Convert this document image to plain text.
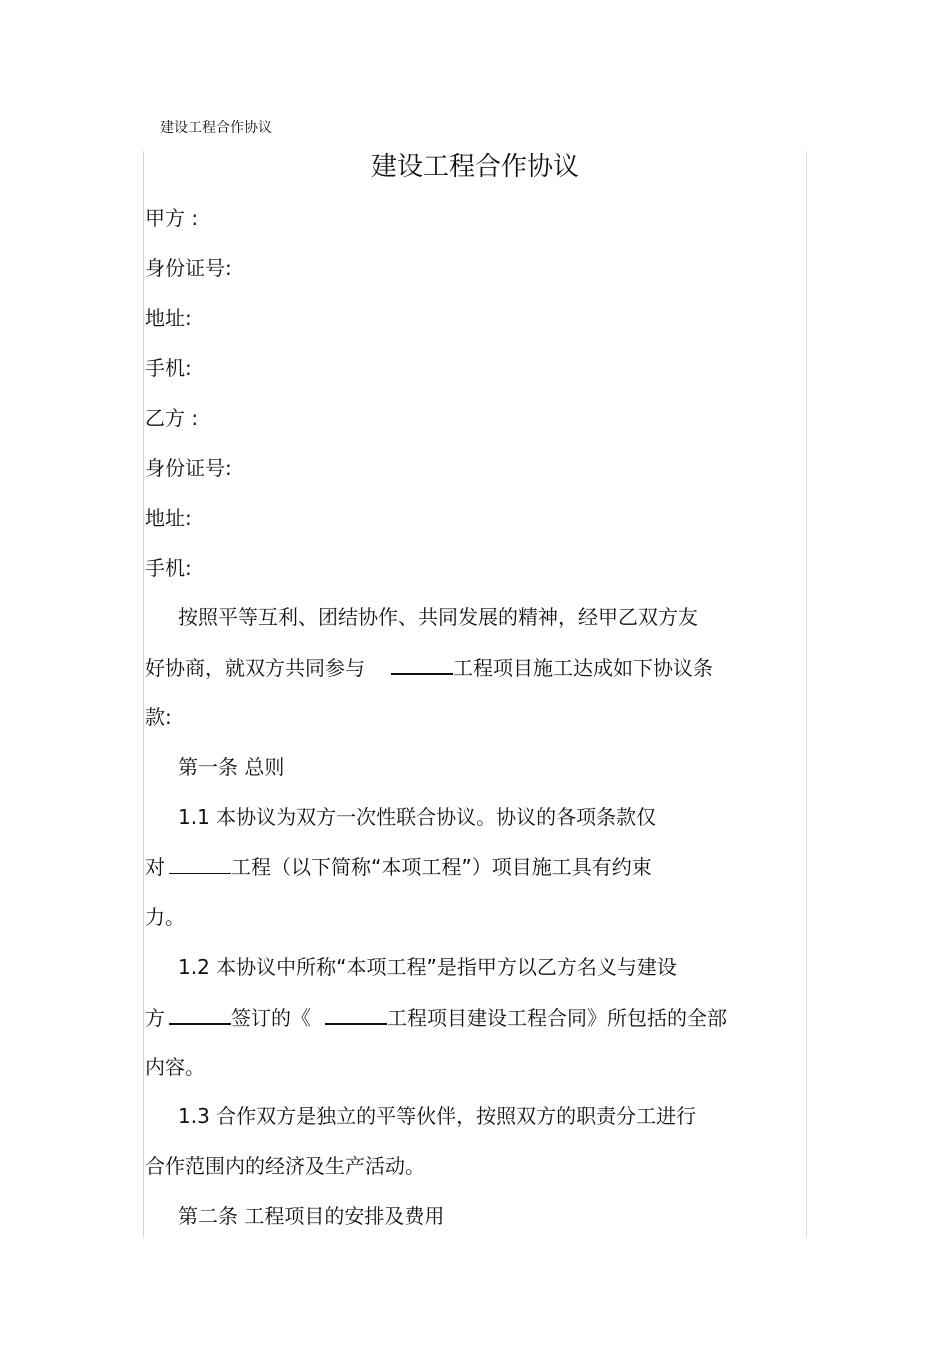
建设工程合作协议
建设工程合作协议
甲方 :
身份证号:
地址:
手机:
乙方 :
身份证号:
地址:
手机:
按照平等互利、团结协作、共同发展的精神，经甲乙双方友
好协商，就双方共同参与	工程项目施工达成如下协议条
款:
第一条 总则
1.1 本协议为双方一次性联合协议。协议的各项条款仅
对	工程（以下简称“本项工程”）项目施工具有约束
力。
1.2 本协议中所称“本项工程”是指甲方以乙方名义与建设
方	签订的《	工程项目建设工程合同》所包括的全部
内容。
1.3 合作双方是独立的平等伙伴，按照双方的职责分工进行
合作范围内的经济及生产活动。
第二条 工程项目的安排及费用
